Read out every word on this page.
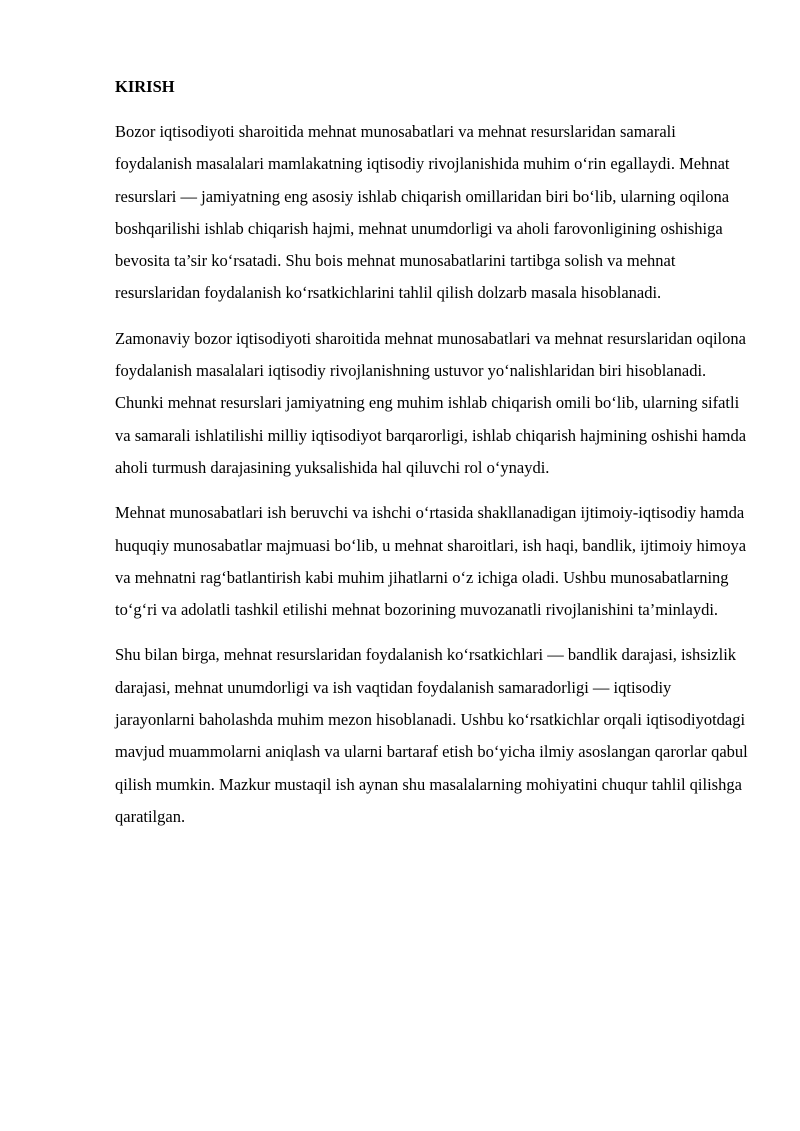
KIRISH

Bozor iqtisodiyoti sharoitida mehnat munosabatlari va mehnat resurslaridan samarali foydalanish masalalari mamlakatning iqtisodiy rivojlanishida muhim o‘rin egallaydi. Mehnat resurslari — jamiyatning eng asosiy ishlab chiqarish omillaridan biri bo‘lib, ularning oqilona boshqarilishi ishlab chiqarish hajmi, mehnat unumdorligi va aholi farovonligining oshishiga bevosita ta’sir ko‘rsatadi. Shu bois mehnat munosabatlarini tartibga solish va mehnat resurslaridan foydalanish ko‘rsatkichlarini tahlil qilish dolzarb masala hisoblanadi.

Zamonaviy bozor iqtisodiyoti sharoitida mehnat munosabatlari va mehnat resurslaridan oqilona foydalanish masalalari iqtisodiy rivojlanishning ustuvor yo‘nalishlaridan biri hisoblanadi. Chunki mehnat resurslari jamiyatning eng muhim ishlab chiqarish omili bo‘lib, ularning sifatli va samarali ishlatilishi milliy iqtisodiyot barqarorligi, ishlab chiqarish hajmining oshishi hamda aholi turmush darajasining yuksalishida hal qiluvchi rol o‘ynaydi.

Mehnat munosabatlari ish beruvchi va ishchi o‘rtasida shakllanadigan ijtimoiy-iqtisodiy hamda huquqiy munosabatlar majmuasi bo‘lib, u mehnat sharoitlari, ish haqi, bandlik, ijtimoiy himoya va mehnatni rag‘batlantirish kabi muhim jihatlarni o‘z ichiga oladi. Ushbu munosabatlarning to‘g‘ri va adolatli tashkil etilishi mehnat bozorining muvozanatli rivojlanishini ta’minlaydi.

Shu bilan birga, mehnat resurslaridan foydalanish ko‘rsatkichlari — bandlik darajasi, ishsizlik darajasi, mehnat unumdorligi va ish vaqtidan foydalanish samaradorligi — iqtisodiy jarayonlarni baholashda muhim mezon hisoblanadi. Ushbu ko‘rsatkichlar orqali iqtisodiyotdagi mavjud muammolarni aniqlash va ularni bartaraf etish bo‘yicha ilmiy asoslangan qarorlar qabul qilish mumkin. Mazkur mustaqil ish aynan shu masalalarning mohiyatini chuqur tahlil qilishga qaratilgan.
